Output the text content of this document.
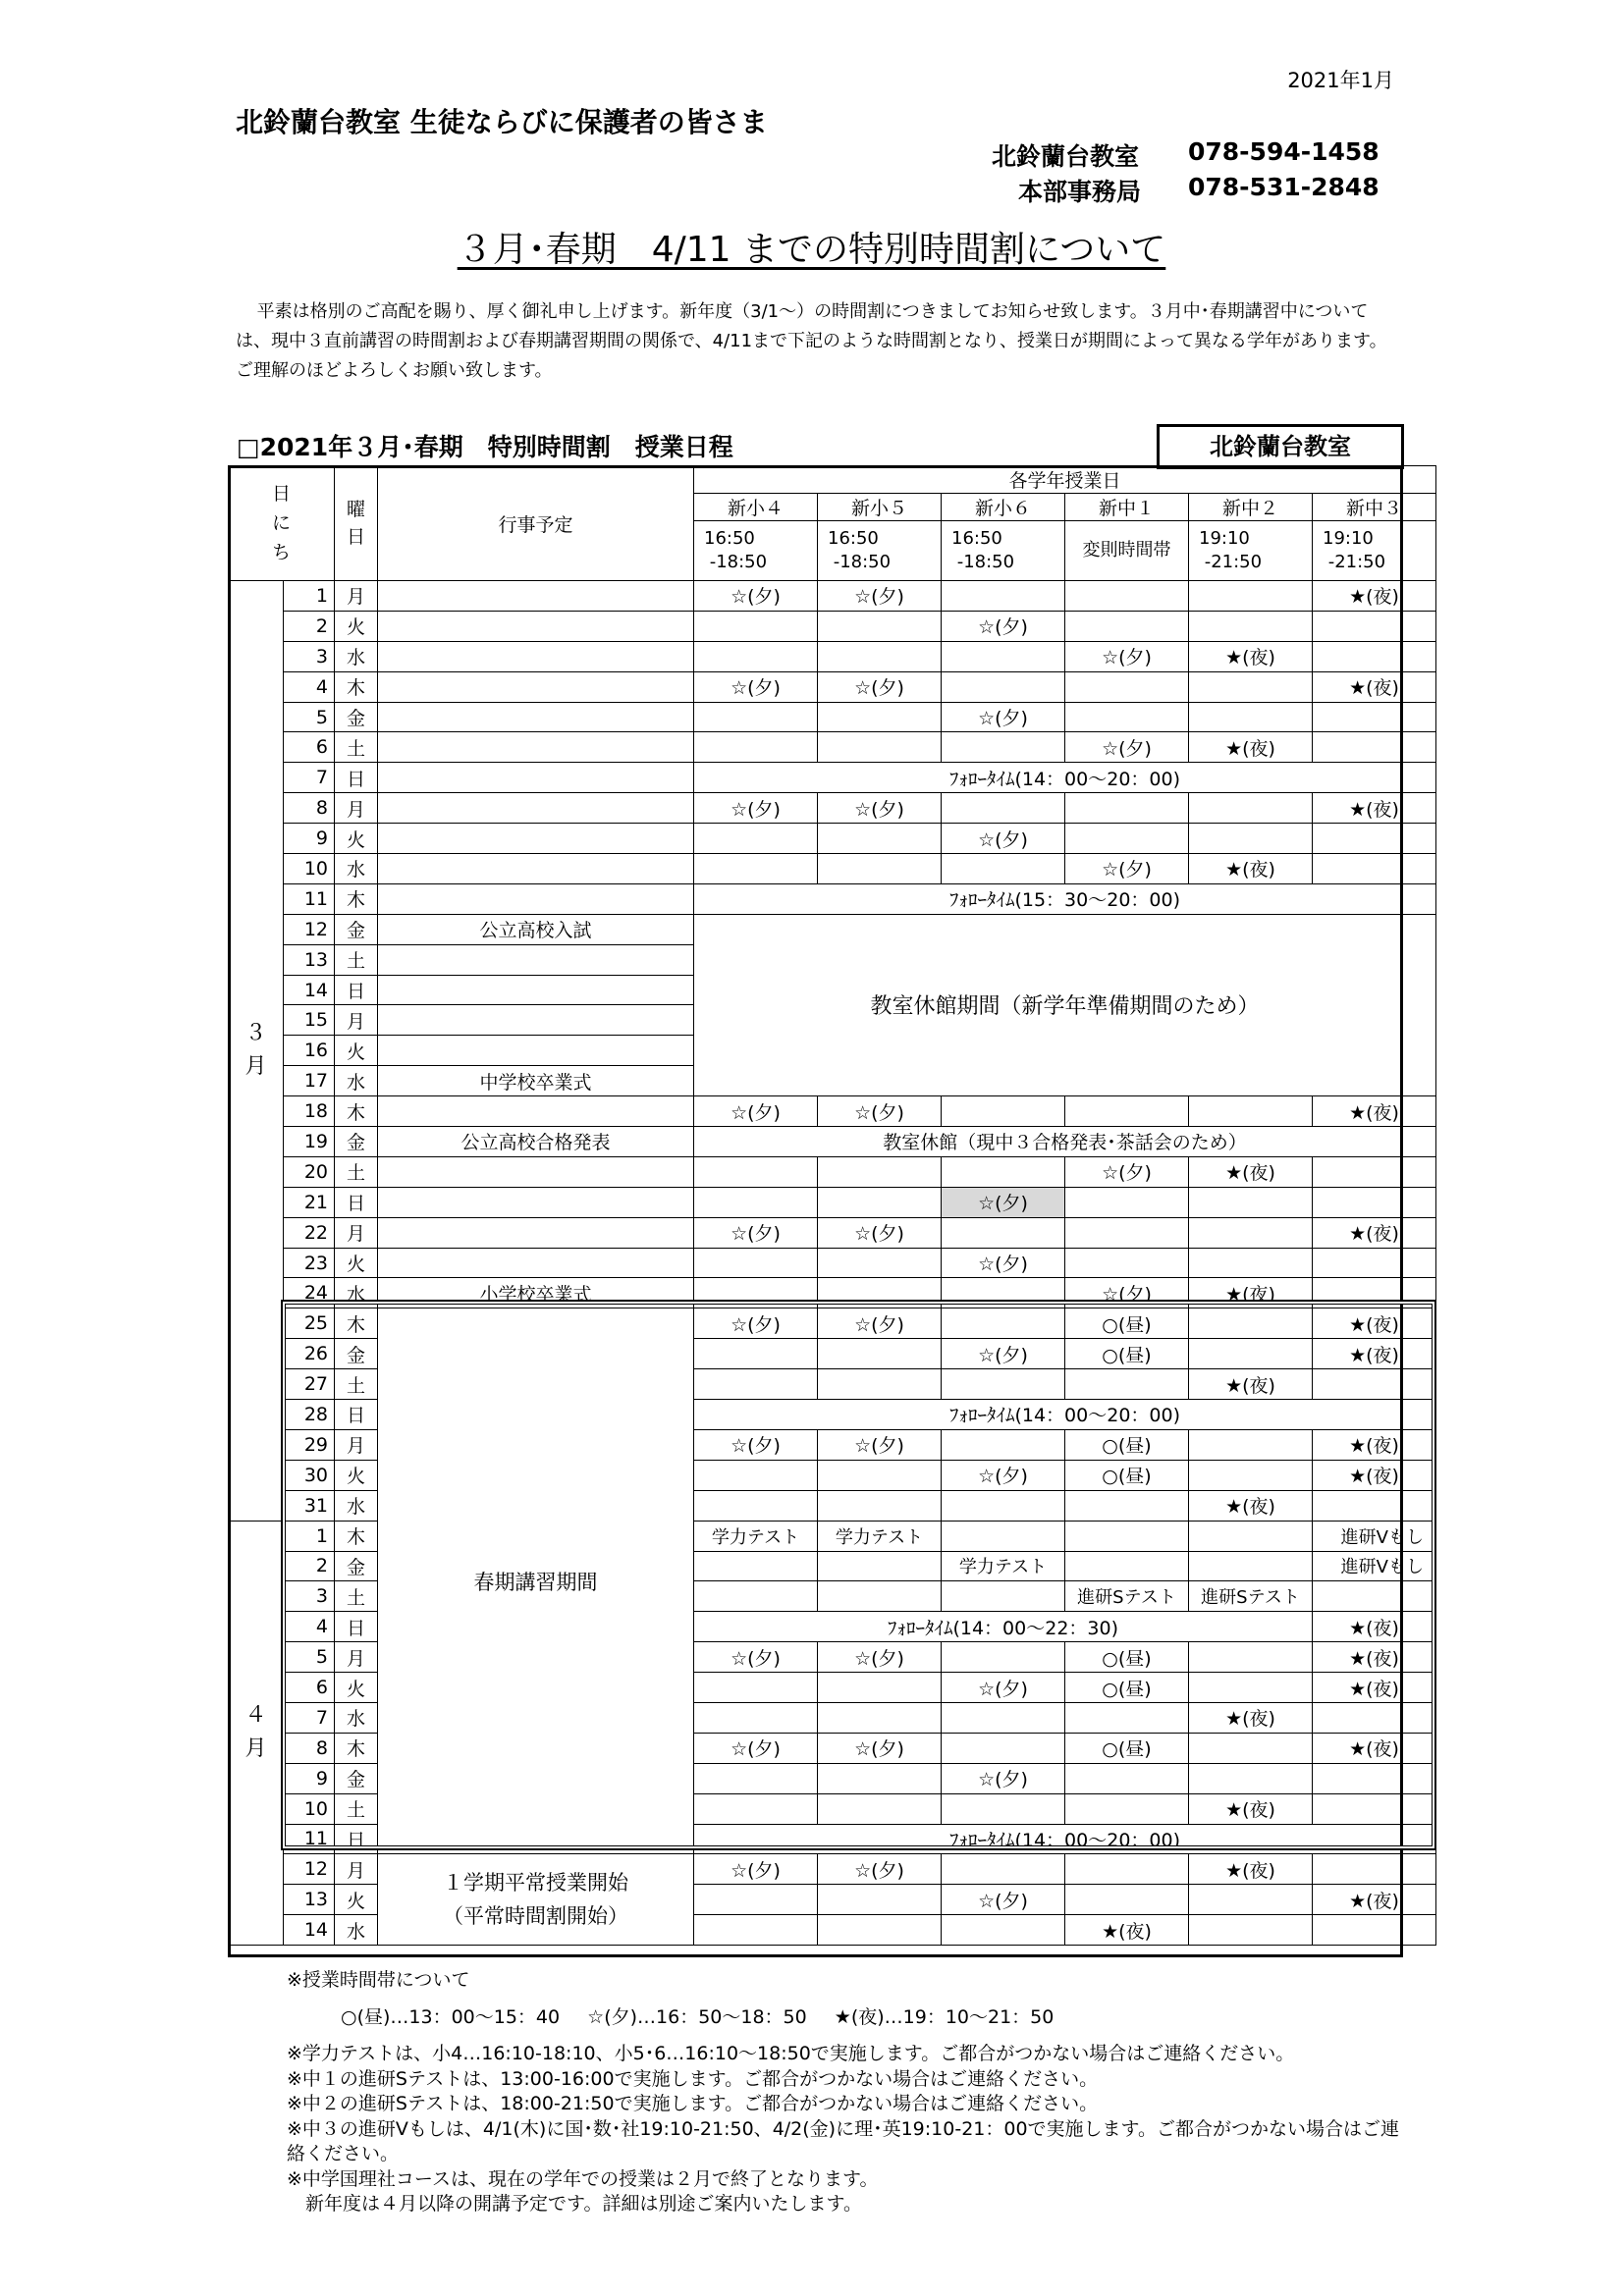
2021年1月
北鈴蘭台教室 生徒ならびに保護者の皆さま
北鈴蘭台教室 078-594-1458
本部事務局 078-531-2848
３月･春期　4/11 までの特別時間割について
平素は格別のご高配を賜り、厚く御礼申し上げます。新年度（3/1～）の時間割につきましてお知らせ致します。３月中･春期講習中については、現中３直前講習の時間割および春期講習期間の関係で、4/11まで下記のような時間割となり、授業日が期間によって異なる学年があります。ご理解のほどよろしくお願い致します。
□2021年３月･春期　特別時間割　授業日程	北鈴蘭台教室
日
に
ち		曜
日	行事予定	各学年授業日					
				新小４	新小５	新小６	新中１	新中２	新中３
				16:50
-18:50	16:50
-18:50	16:50
-18:50	変則時間帯	19:10
-21:50	19:10
-21:50
３
月	1	月		☆(夕)	☆(夕)				★(夜)
	2	火				☆(夕)			
	3	水					☆(夕)	★(夜)	
	4	木		☆(夕)	☆(夕)				★(夜)
	5	金				☆(夕)			
	6	土					☆(夕)	★(夜)	
	7	日		ﾌｫﾛｰﾀｲﾑ(14：00～20：00)					
	8	月		☆(夕)	☆(夕)				★(夜)
	9	火				☆(夕)			
	10	水					☆(夕)	★(夜)	
	11	木		ﾌｫﾛｰﾀｲﾑ(15：30～20：00)					
	12	金	公立高校入試	教室休館期間（新学年準備期間のため）					
	13	土							
	14	日							
	15	月							
	16	火							
	17	水	中学校卒業式						
	18	木		☆(夕)	☆(夕)				★(夜)
	19	金	公立高校合格発表	教室休館（現中３合格発表･茶話会のため）					
	20	土					☆(夕)	★(夜)	
	21	日				☆(夕)			
	22	月		☆(夕)	☆(夕)				★(夜)
	23	火				☆(夕)			
	24	水	小学校卒業式				☆(夕)	★(夜)	
	25	木	春期講習期間	☆(夕)	☆(夕)		○(昼)		★(夜)
	26	金				☆(夕)	○(昼)		★(夜)
	27	土						★(夜)	
	28	日		ﾌｫﾛｰﾀｲﾑ(14：00～20：00)					
	29	月		☆(夕)	☆(夕)		○(昼)		★(夜)
	30	火				☆(夕)	○(昼)		★(夜)
	31	水						★(夜)	
４
月	1	木		学力テスト	学力テスト				進研Vもし
	2	金				学力テスト			進研Vもし
	3	土					進研Sテスト	進研Sテスト	
	4	日		ﾌｫﾛｰﾀｲﾑ(14：00～22：30)					★(夜)
	5	月		☆(夕)	☆(夕)		○(昼)		★(夜)
	6	火				☆(夕)	○(昼)		★(夜)
	7	水						★(夜)	
	8	木		☆(夕)	☆(夕)		○(昼)		★(夜)
	9	金				☆(夕)			
	10	土						★(夜)	
	11	日		ﾌｫﾛｰﾀｲﾑ(14：00～20：00)					
	12	月	１学期平常授業開始
（平常時間割開始）	☆(夕)	☆(夕)			★(夜)	
	13	火				☆(夕)			★(夜)
	14	水					★(夜)		
※授業時間帯について
○(昼)…13：00～15：40 ☆(夕)…16：50～18：50 ★(夜)…19：10～21：50
※学力テストは、小4…16:10-18:10、小5･6…16:10～18:50で実施します。ご都合がつかない場合はご連絡ください。
※中１の進研Sテストは、13:00-16:00で実施します。ご都合がつかない場合はご連絡ください。
※中２の進研Sテストは、18:00-21:50で実施します。ご都合がつかない場合はご連絡ください。
※中３の進研Vもしは、4/1(木)に国･数･社19:10-21:50、4/2(金)に理･英19:10-21：00で実施します。ご都合がつかない場合はご連絡ください。
※中学国理社コースは、現在の学年での授業は２月で終了となります。
　新年度は４月以降の開講予定です。詳細は別途ご案内いたします。
